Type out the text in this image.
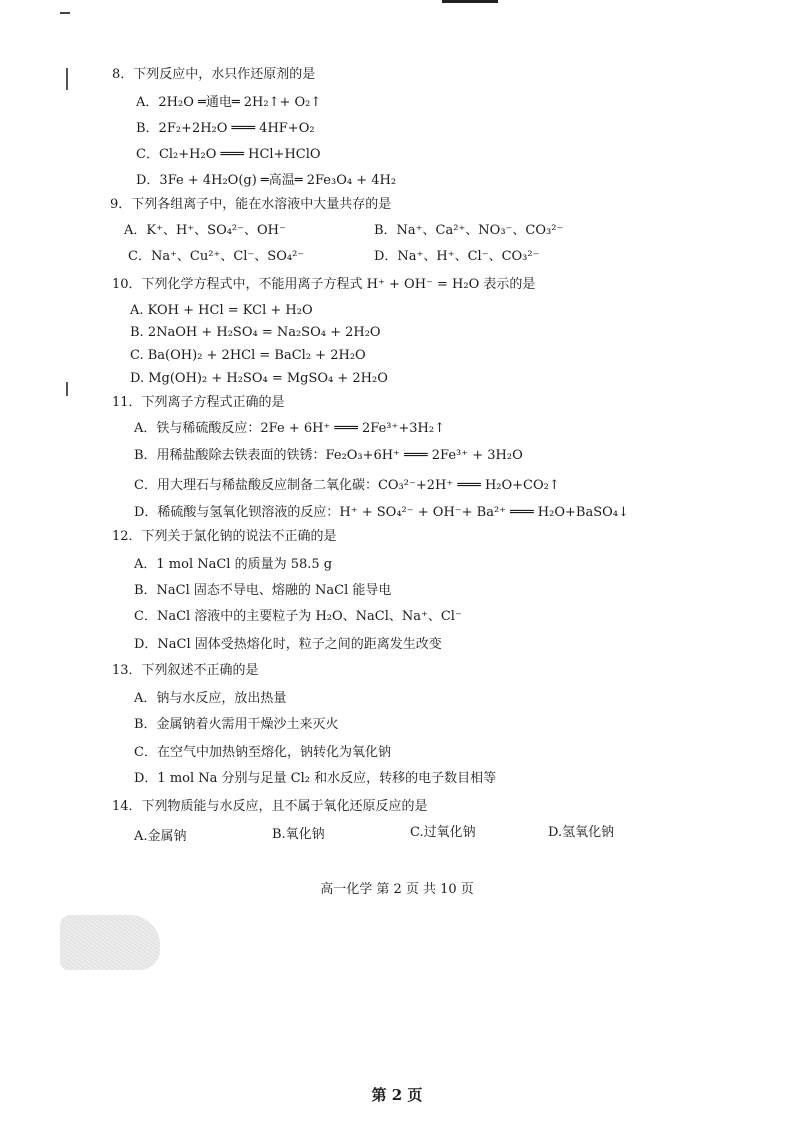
8．下列反应中，水只作还原剂的是
A．2H₂O ═通电═ 2H₂↑+ O₂↑
B．2F₂+2H₂O ═══ 4HF+O₂
C．Cl₂+H₂O ═══ HCl+HClO
D．3Fe + 4H₂O(g) ═高温═ 2Fe₃O₄ + 4H₂
9．下列各组离子中，能在水溶液中大量共存的是
A．K⁺、H⁺、SO₄²⁻、OH⁻	B．Na⁺、Ca²⁺、NO₃⁻、CO₃²⁻
C．Na⁺、Cu²⁺、Cl⁻、SO₄²⁻	D．Na⁺、H⁺、Cl⁻、CO₃²⁻
10．下列化学方程式中，不能用离子方程式 H⁺ + OH⁻ = H₂O 表示的是
A. KOH + HCl = KCl + H₂O
B. 2NaOH + H₂SO₄ = Na₂SO₄ + 2H₂O
C. Ba(OH)₂ + 2HCl = BaCl₂ + 2H₂O
D. Mg(OH)₂ + H₂SO₄ = MgSO₄ + 2H₂O
11．下列离子方程式正确的是
A．铁与稀硫酸反应：2Fe + 6H⁺ ═══ 2Fe³⁺+3H₂↑
B．用稀盐酸除去铁表面的铁锈：Fe₂O₃+6H⁺ ═══ 2Fe³⁺ + 3H₂O
C．用大理石与稀盐酸反应制备二氧化碳：CO₃²⁻+2H⁺ ═══ H₂O+CO₂↑
D．稀硫酸与氢氧化钡溶液的反应：H⁺ + SO₄²⁻ + OH⁻+ Ba²⁺ ═══ H₂O+BaSO₄↓
12．下列关于氯化钠的说法不正确的是
A．1 mol NaCl 的质量为 58.5 g
B．NaCl 固态不导电、熔融的 NaCl 能导电
C．NaCl 溶液中的主要粒子为 H₂O、NaCl、Na⁺、Cl⁻
D．NaCl 固体受热熔化时，粒子之间的距离发生改变
13．下列叙述不正确的是
A．钠与水反应，放出热量
B．金属钠着火需用干燥沙土来灭火
C．在空气中加热钠至熔化，钠转化为氧化钠
D．1 mol Na 分别与足量 Cl₂ 和水反应，转移的电子数目相等
14．下列物质能与水反应，且不属于氧化还原反应的是
A.金属钠	B.氧化钠	C.过氧化钠	D.氢氧化钠
高一化学 第 2 页 共 10 页
第 2 页
